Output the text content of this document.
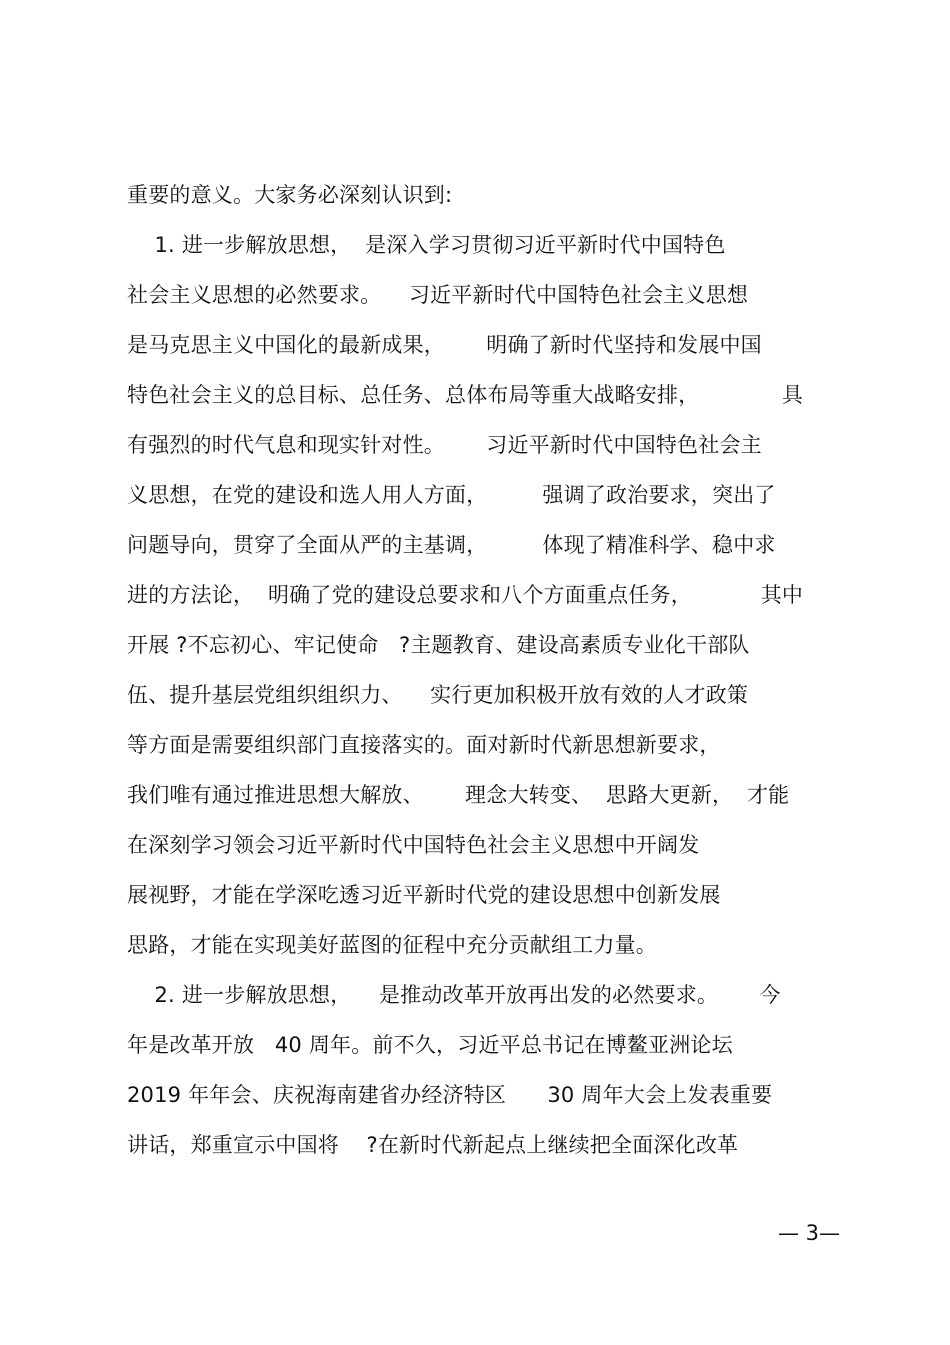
重要的意义。大家务必深刻认识到:
1. 进一步解放思想，  是深入学习贯彻习近平新时代中国特色
社会主义思想的必然要求。    习近平新时代中国特色社会主义思想
是马克思主义中国化的最新成果，      明确了新时代坚持和发展中国
特色社会主义的总目标、总任务、总体布局等重大战略安排，            具
有强烈的时代气息和现实针对性。      习近平新时代中国特色社会主
义思想，在党的建设和选人用人方面，        强调了政治要求，突出了
问题导向，贯穿了全面从严的主基调，        体现了精准科学、稳中求
进的方法论，  明确了党的建设总要求和八个方面重点任务，          其中
开展 ?不忘初心、牢记使命   ?主题教育、建设高素质专业化干部队
伍、提升基层党组织组织力、    实行更加积极开放有效的人才政策
等方面是需要组织部门直接落实的。面对新时代新思想新要求，
我们唯有通过推进思想大解放、      理念大转变、  思路大更新，  才能
在深刻学习领会习近平新时代中国特色社会主义思想中开阔发
展视野，才能在学深吃透习近平新时代党的建设思想中创新发展
思路，才能在实现美好蓝图的征程中充分贡献组工力量。
2. 进一步解放思想，    是推动改革开放再出发的必然要求。      今
年是改革开放   40 周年。前不久，习近平总书记在博鳌亚洲论坛
2019 年年会、庆祝海南建省办经济特区      30 周年大会上发表重要
讲话，郑重宣示中国将    ?在新时代新起点上继续把全面深化改革
— 3—
